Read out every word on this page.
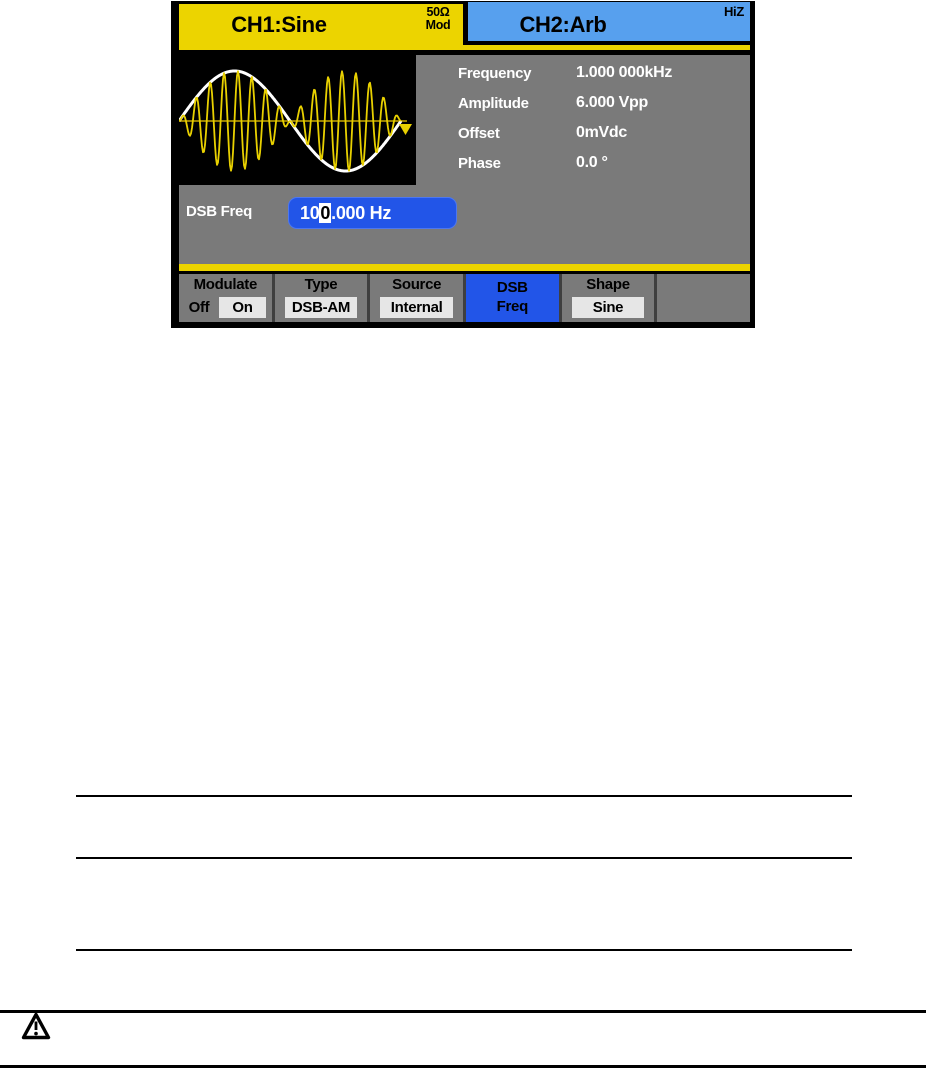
CH1:Sine	50Ω
Mod	CH2:Arb
HiZ
Frequency	1.000 000kHz
Amplitude	6.000 Vpp
Offset	0mVdc
Phase	0.0 °
DSB Freq	100.000 Hz
Modulate
Off	On
Type
DSB-AM
Source
Internal
DSB
Freq
Shape
Sine
